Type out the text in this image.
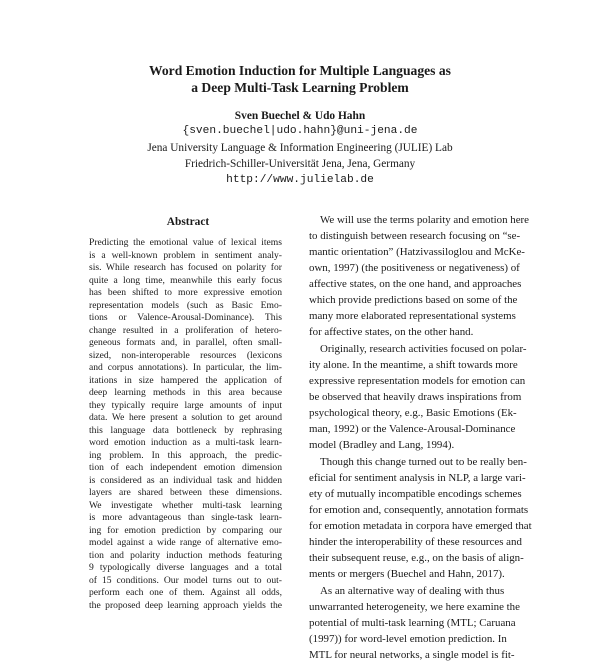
Word Emotion Induction for Multiple Languages as
a Deep Multi-Task Learning Problem
Sven Buechel & Udo Hahn
{sven.buechel|udo.hahn}@uni-jena.de
Jena University Language & Information Engineering (JULIE) Lab
Friedrich-Schiller-Universität Jena, Jena, Germany
http://www.julielab.de
Abstract
Predicting the emotional value of lexical items
is a well-known problem in sentiment analy-
sis. While research has focused on polarity for
quite a long time, meanwhile this early focus
has been shifted to more expressive emotion
representation models (such as Basic Emo-
tions or Valence-Arousal-Dominance). This
change resulted in a proliferation of hetero-
geneous formats and, in parallel, often small-
sized, non-interoperable resources (lexicons
and corpus annotations). In particular, the lim-
itations in size hampered the application of
deep learning methods in this area because
they typically require large amounts of input
data. We here present a solution to get around
this language data bottleneck by rephrasing
word emotion induction as a multi-task learn-
ing problem. In this approach, the predic-
tion of each independent emotion dimension
is considered as an individual task and hidden
layers are shared between these dimensions.
We investigate whether multi-task learning
is more advantageous than single-task learn-
ing for emotion prediction by comparing our
model against a wide range of alternative emo-
tion and polarity induction methods featuring
9 typologically diverse languages and a total
of 15 conditions. Our model turns out to out-
perform each one of them. Against all odds,
the proposed deep learning approach yields the
We will use the terms polarity and emotion here
to distinguish between research focusing on “se-
mantic orientation” (Hatzivassiloglou and McKe-
own, 1997) (the positiveness or negativeness) of
affective states, on the one hand, and approaches
which provide predictions based on some of the
many more elaborated representational systems
for affective states, on the other hand.
Originally, research activities focused on polar-
ity alone. In the meantime, a shift towards more
expressive representation models for emotion can
be observed that heavily draws inspirations from
psychological theory, e.g., Basic Emotions (Ek-
man, 1992) or the Valence-Arousal-Dominance
model (Bradley and Lang, 1994).
Though this change turned out to be really ben-
eficial for sentiment analysis in NLP, a large vari-
ety of mutually incompatible encodings schemes
for emotion and, consequently, annotation formats
for emotion metadata in corpora have emerged that
hinder the interoperability of these resources and
their subsequent reuse, e.g., on the basis of align-
ments or mergers (Buechel and Hahn, 2017).
As an alternative way of dealing with thus
unwarranted heterogeneity, we here examine the
potential of multi-task learning (MTL; Caruana
(1997)) for word-level emotion prediction. In
MTL for neural networks, a single model is fit-
